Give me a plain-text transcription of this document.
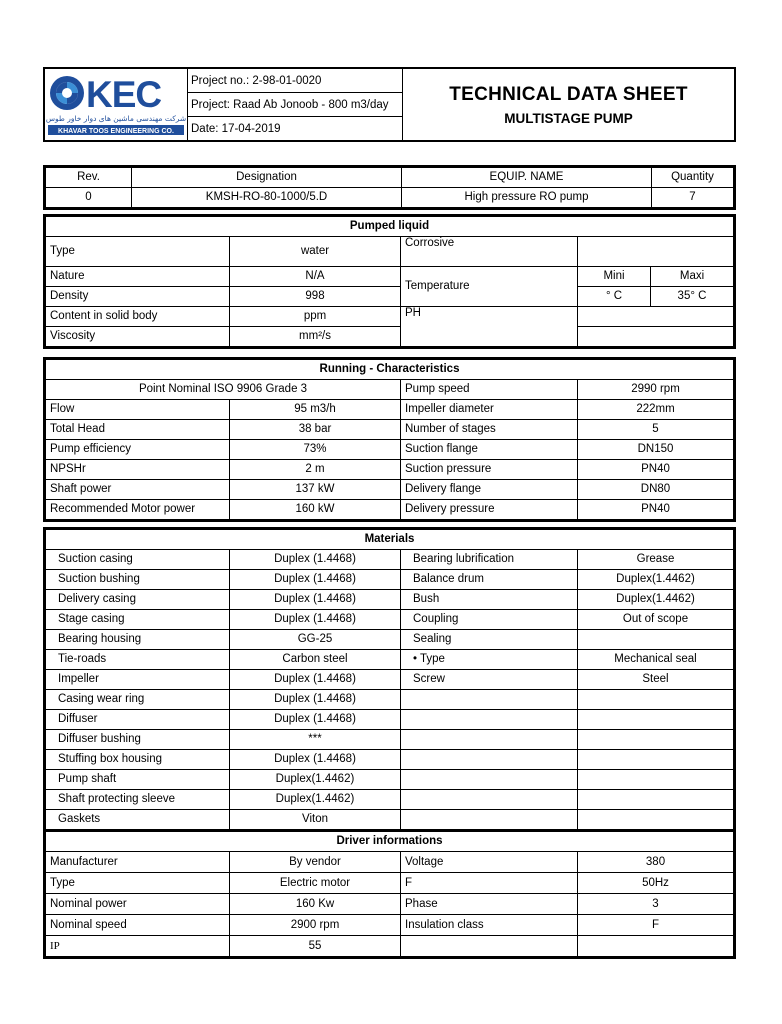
KEC
شرکت مهندسی ماشین های دوار خاور طوس
KHAVAR TOOS ENGINEERING CO.
Project no.: 2-98-01-0020
Project: Raad Ab Jonoob - 800 m3/day
Date: 17-04-2019
TECHNICAL DATA SHEET
MULTISTAGE PUMP
Rev.	Designation	EQUIP. NAME	Quantity
0	KMSH-RO-80-1000/5.D	High pressure RO pump	7
Pumped liquid				
Type	water	Corrosive		
Nature	N/A	Temperature	Mini	Maxi
Density	998		° C	35° C
Content in solid body	ppm	PH		
Viscosity	mm²/s			
Running - Characteristics			
Point Nominal ISO 9906 Grade 3		Pump speed	2990 rpm
Flow	95 m3/h	Impeller diameter	222mm
Total Head	38 bar	Number of stages	5
Pump efficiency	73%	Suction flange	DN150
NPSHr	2 m	Suction pressure	PN40
Shaft power	137 kW	Delivery flange	DN80
Recommended Motor power	160 kW	Delivery pressure	PN40
Materials			
Suction casing	Duplex (1.4468)	Bearing lubrification	Grease
Suction bushing	Duplex (1.4468)	Balance drum	Duplex(1.4462)
Delivery casing	Duplex (1.4468)	Bush	Duplex(1.4462)
Stage casing	Duplex (1.4468)	Coupling	Out of scope
Bearing housing	GG-25	Sealing	
Tie-roads	Carbon steel	• Type	Mechanical seal
Impeller	Duplex (1.4468)	Screw	Steel
Casing wear ring	Duplex (1.4468)		
Diffuser	Duplex (1.4468)		
Diffuser bushing	***		
Stuffing box housing	Duplex (1.4468)		
Pump shaft	Duplex(1.4462)		
Shaft protecting sleeve	Duplex(1.4462)		
Gaskets	Viton		
Driver informations			
Manufacturer	By vendor	Voltage	380
Type	Electric motor	F	50Hz
Nominal power	160 Kw	Phase	3
Nominal speed	2900 rpm	Insulation class	F
IP	55		
